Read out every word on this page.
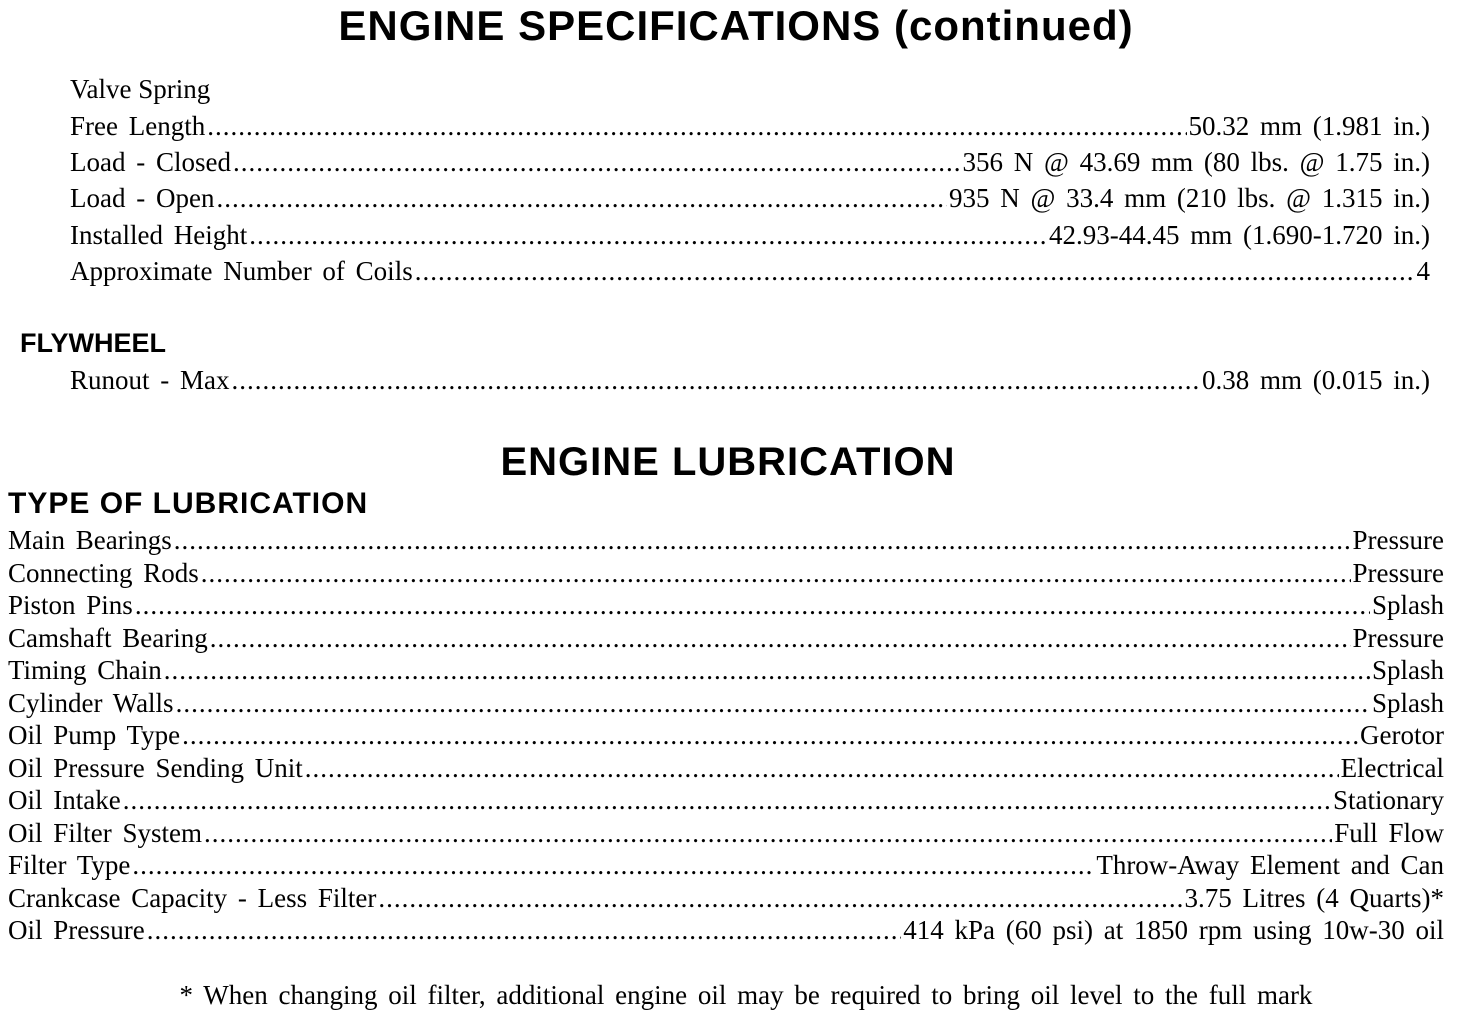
ENGINE SPECIFICATIONS (continued)
Valve Spring
Free Length .....	50.32 mm (1.981 in.)
Load - Closed .....	356 N @ 43.69 mm (80 lbs. @ 1.75 in.)
Load - Open .....	935 N @ 33.4 mm (210 lbs. @ 1.315 in.)
Installed Height .....	42.93-44.45 mm (1.690-1.720 in.)
Approximate Number of Coils .....	4
FLYWHEEL
Runout - Max .....	0.38 mm (0.015 in.)
ENGINE LUBRICATION
TYPE OF LUBRICATION
Main Bearings .....	Pressure
Connecting Rods .....	Pressure
Piston Pins .....	Splash
Camshaft Bearing .....	Pressure
Timing Chain .....	Splash
Cylinder Walls .....	Splash
Oil Pump Type .....	Gerotor
Oil Pressure Sending Unit .....	Electrical
Oil Intake .....	Stationary
Oil Filter System .....	Full Flow
Filter Type .....	Throw-Away Element and Can
Crankcase Capacity - Less Filter .....	3.75 Litres (4 Quarts)*
Oil Pressure .....	414 kPa (60 psi) at 1850 rpm using 10w-30 oil
* When changing oil filter, additional engine oil may be required to bring oil level to the full mark
